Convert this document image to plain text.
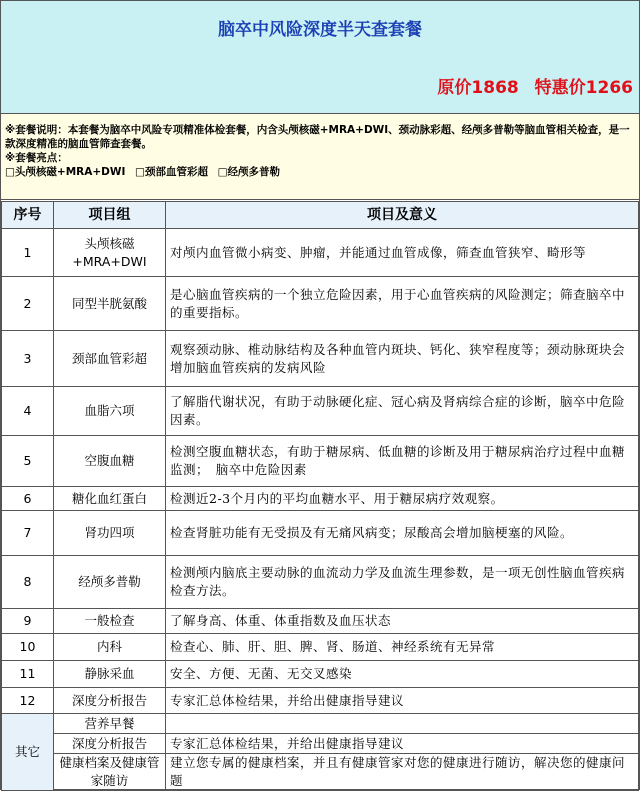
脑卒中风险深度半天查套餐
原价1868 特惠价1266
※套餐说明：本套餐为脑卒中风险专项精准体检套餐，内含头颅核磁+MRA+DWI、颈动脉彩超、经颅多普勒等脑血管相关检查，是一款深度精准的脑血管筛查套餐。
※套餐亮点：
□头颅核磁+MRA+DWI □颈部血管彩超 □经颅多普勒
序号	项目组	项目及意义
1	头颅核磁 +MRA+DWI	对颅内血管微小病变、肿瘤，并能通过血管成像，筛查血管狭窄、畸形等
2	同型半胱氨酸	是心脑血管疾病的一个独立危险因素，用于心血管疾病的风险测定；筛查脑卒中的重要指标。
3	颈部血管彩超	观察颈动脉、椎动脉结构及各种血管内斑块、钙化、狭窄程度等；颈动脉斑块会增加脑血管疾病的发病风险
4	血脂六项	了解脂代谢状况，有助于动脉硬化症、冠心病及肾病综合症的诊断，脑卒中危险因素。
5	空腹血糖	检测空腹血糖状态，有助于糖尿病、低血糖的诊断及用于糖尿病治疗过程中血糖监测；　脑卒中危险因素
6	糖化血红蛋白	检测近2-3个月内的平均血糖水平、用于糖尿病疗效观察。
7	肾功四项	检查肾脏功能有无受损及有无痛风病变；尿酸高会增加脑梗塞的风险。
8	经颅多普勒	检测颅内脑底主要动脉的血流动力学及血流生理参数，是一项无创性脑血管疾病检查方法。
9	一般检查	了解身高、体重、体重指数及血压状态
10	内科	检查心、肺、肝、胆、脾、肾、肠道、神经系统有无异常
11	静脉采血	安全、方便、无菌、无交叉感染
12	深度分析报告	专家汇总体检结果，并给出健康指导建议
其它	营养早餐	
	深度分析报告	专家汇总体检结果，并给出健康指导建议
	健康档案及健康管家随访	建立您专属的健康档案，并且有健康管家对您的健康进行随访，解决您的健康问题
